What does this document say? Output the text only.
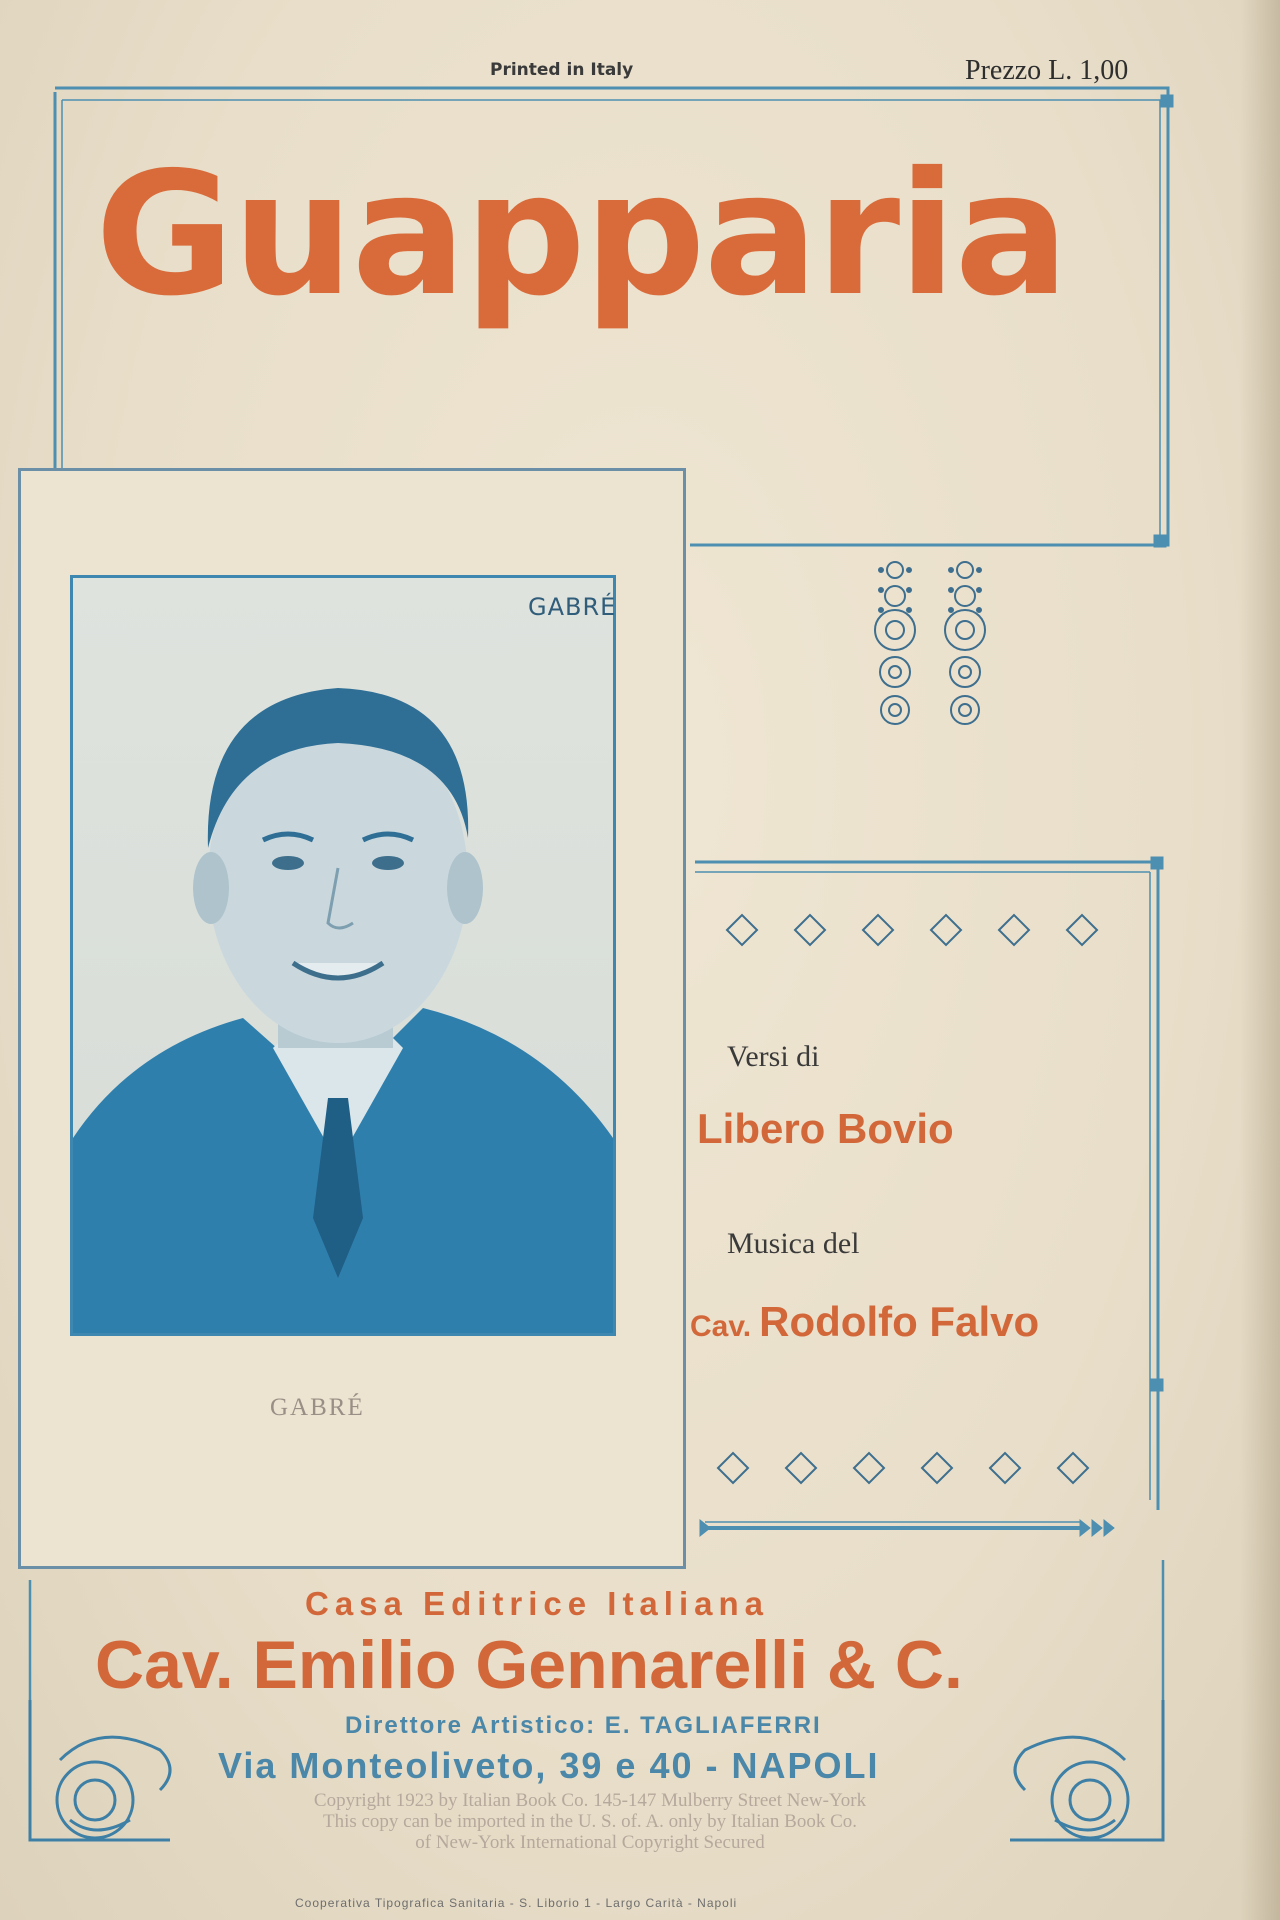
Printed in Italy	Prezzo L. 1,00
Guapparia
GABRÉ
GABRÉ
Versi di
Libero Bovio
Musica del
Cav. Rodolfo Falvo
Casa Editrice Italiana
Cav. Emilio Gennarelli & C.
Direttore Artistico: E. TAGLIAFERRI
Via Monteoliveto, 39 e 40 - NAPOLI
Copyright 1923 by Italian Book Co. 145-147 Mulberry Street New-York
This copy can be imported in the U. S. of. A. only by Italian Book Co.
of New-York International Copyright Secured
Cooperativa Tipografica Sanitaria - S. Liborio 1 - Largo Carità - Napoli
